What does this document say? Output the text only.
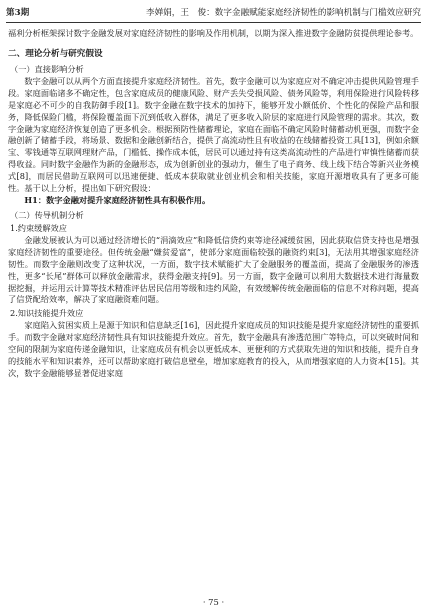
第3期	李婵娟，王　俊：数字金融赋能家庭经济韧性的影响机制与门槛效应研究

福利分析框架探讨数字金融发展对家庭经济韧性的影响及作用机制，以期为深入推进数字金融防贫提供理论参考。

二、理论分析与研究假设
（一）直接影响分析

数字金融可以从两个方面直接提升家庭经济韧性。首先，数字金融可以为家庭应对不确定冲击提供风险管理手段。家庭面临诸多不确定性，包含家庭成员的健康风险、财产丢失受损风险、债务风险等，利用保险进行风险转移是家庭必不可少的自我防御手段[1]。数字金融在数字技术的加持下，能够开发小额低价、个性化的保险产品和服务，降低保险门槛，将保险覆盖面下沉到低收入群体，满足了更多收入阶层的家庭进行风险管理的需求。其次，数字金融为家庭经济恢复创造了更多机会。根据预防性储蓄理论，家庭在面临不确定风险时储蓄动机更强，而数字金融创新了储蓄手段，将场景、数据和金融创新结合，提供了高流动性且有收益的在线储蓄投资工具[13]，例如余额宝、零钱通等互联网理财产品，门槛低、操作成本低，居民可以通过持有这类高流动性的产品进行审慎性储蓄而获得收益。同时数字金融作为新的金融形态，成为创新创业的强动力，催生了电子商务、线上线下结合等新兴业务模式[8]，而居民借助互联网可以迅速便捷、低成本获取就业创业机会和相关技能，家庭开源增收具有了更多可能性。基于以上分析，提出如下研究假设：

H1：数字金融对提升家庭经济韧性具有积极作用。

（二）传导机制分析
1.约束缓解效应

金融发展被认为可以通过经济增长的“涓滴效应”和降低信贷约束等途径减缓贫困，因此获取信贷支持也是增强家庭经济韧性的重要途径。但传统金融“嫌贫爱富”，使部分家庭面临较强的融资约束[3]，无法用其增强家庭经济韧性。而数字金融则改变了这种状况，一方面，数字技术赋能扩大了金融服务的覆盖面，提高了金融服务的渗透性，更多“长尾”群体可以释放金融需求，获得金融支持[9]。另一方面，数字金融可以利用大数据技术进行海量数据挖掘，并运用云计算等技术精准评估居民信用等级和违约风险，有效缓解传统金融面临的信息不对称问题，提高了信贷配给效率，解决了家庭融资难问题。

2.知识技能提升效应

家庭陷入贫困实质上是源于知识和信息缺乏[16]，因此提升家庭成员的知识技能是提升家庭经济韧性的重要抓手。而数字金融对家庭经济韧性具有知识技能提升效应。首先，数字金融具有渗透范围广等特点，可以突破时间和空间的限制为家庭传递金融知识，让家庭成员有机会以更低成本、更便利的方式获取先进的知识和技能，提升自身的技能水平和知识素养，还可以帮助家庭打破信息壁垒，增加家庭教育的投入，从而增强家庭的人力资本[15]。其次，数字金融能够显著促进家庭

· 75 ·
